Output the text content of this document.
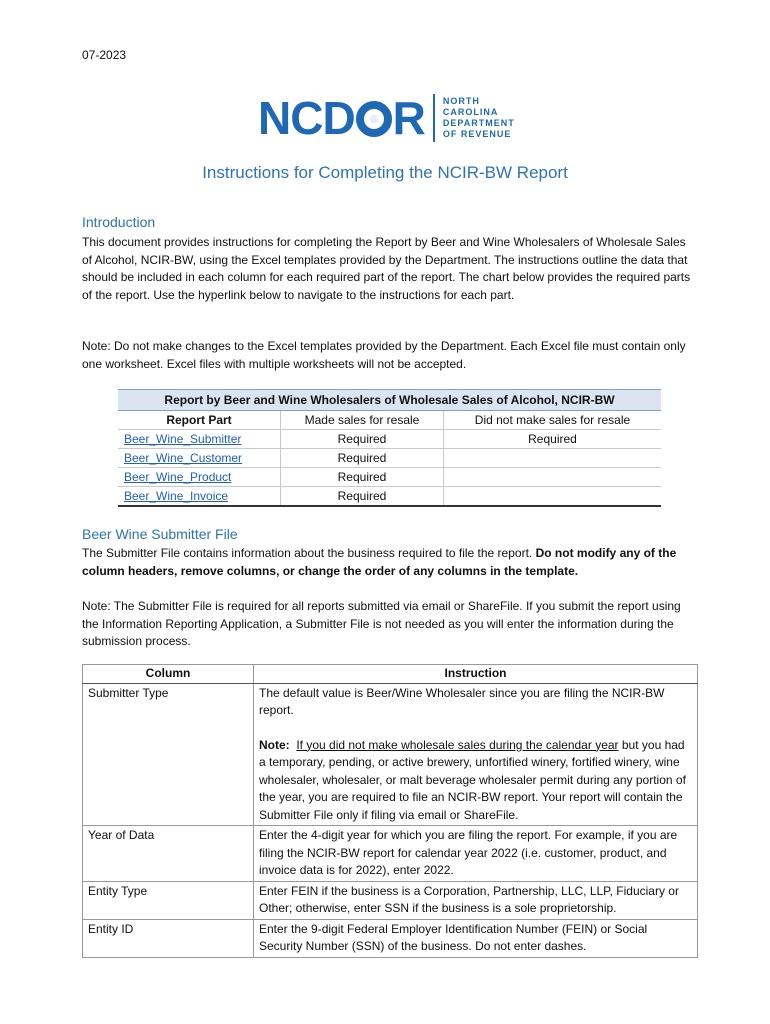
07-2023
NCD R NORTH
CAROLINA
DEPARTMENT
OF REVENUE
Instructions for Completing the NCIR-BW Report
Introduction
This document provides instructions for completing the Report by Beer and Wine Wholesalers of Wholesale Sales of Alcohol, NCIR-BW, using the Excel templates provided by the Department. The instructions outline the data that should be included in each column for each required part of the report. The chart below provides the required parts of the report. Use the hyperlink below to navigate to the instructions for each part.
Note: Do not make changes to the Excel templates provided by the Department. Each Excel file must contain only one worksheet. Excel files with multiple worksheets will not be accepted.
Report by Beer and Wine Wholesalers of Wholesale Sales of Alcohol, NCIR-BW		
Report Part	Made sales for resale	Did not make sales for resale
Beer_Wine_Submitter	Required	Required
Beer_Wine_Customer	Required	
Beer_Wine_Product	Required	
Beer_Wine_Invoice	Required	
Beer Wine Submitter File
The Submitter File contains information about the business required to file the report. Do not modify any of the column headers, remove columns, or change the order of any columns in the template.
Note: The Submitter File is required for all reports submitted via email or ShareFile. If you submit the report using the Information Reporting Application, a Submitter File is not needed as you will enter the information during the submission process.
Column	Instruction
Submitter Type	The default value is Beer/Wine Wholesaler since you are filing the NCIR-BW report.
Note: If you did not make wholesale sales during the calendar year but you had a temporary, pending, or active brewery, unfortified winery, fortified winery, wine wholesaler, wholesaler, or malt beverage wholesaler permit during any portion of the year, you are required to file an NCIR-BW report. Your report will contain the Submitter File only if filing via email or ShareFile.

Year of Data	Enter the 4-digit year for which you are filing the report. For example, if you are filing the NCIR-BW report for calendar year 2022 (i.e. customer, product, and invoice data is for 2022), enter 2022.
Entity Type	Enter FEIN if the business is a Corporation, Partnership, LLC, LLP, Fiduciary or Other; otherwise, enter SSN if the business is a sole proprietorship.
Entity ID	Enter the 9-digit Federal Employer Identification Number (FEIN) or Social Security Number (SSN) of the business. Do not enter dashes.
